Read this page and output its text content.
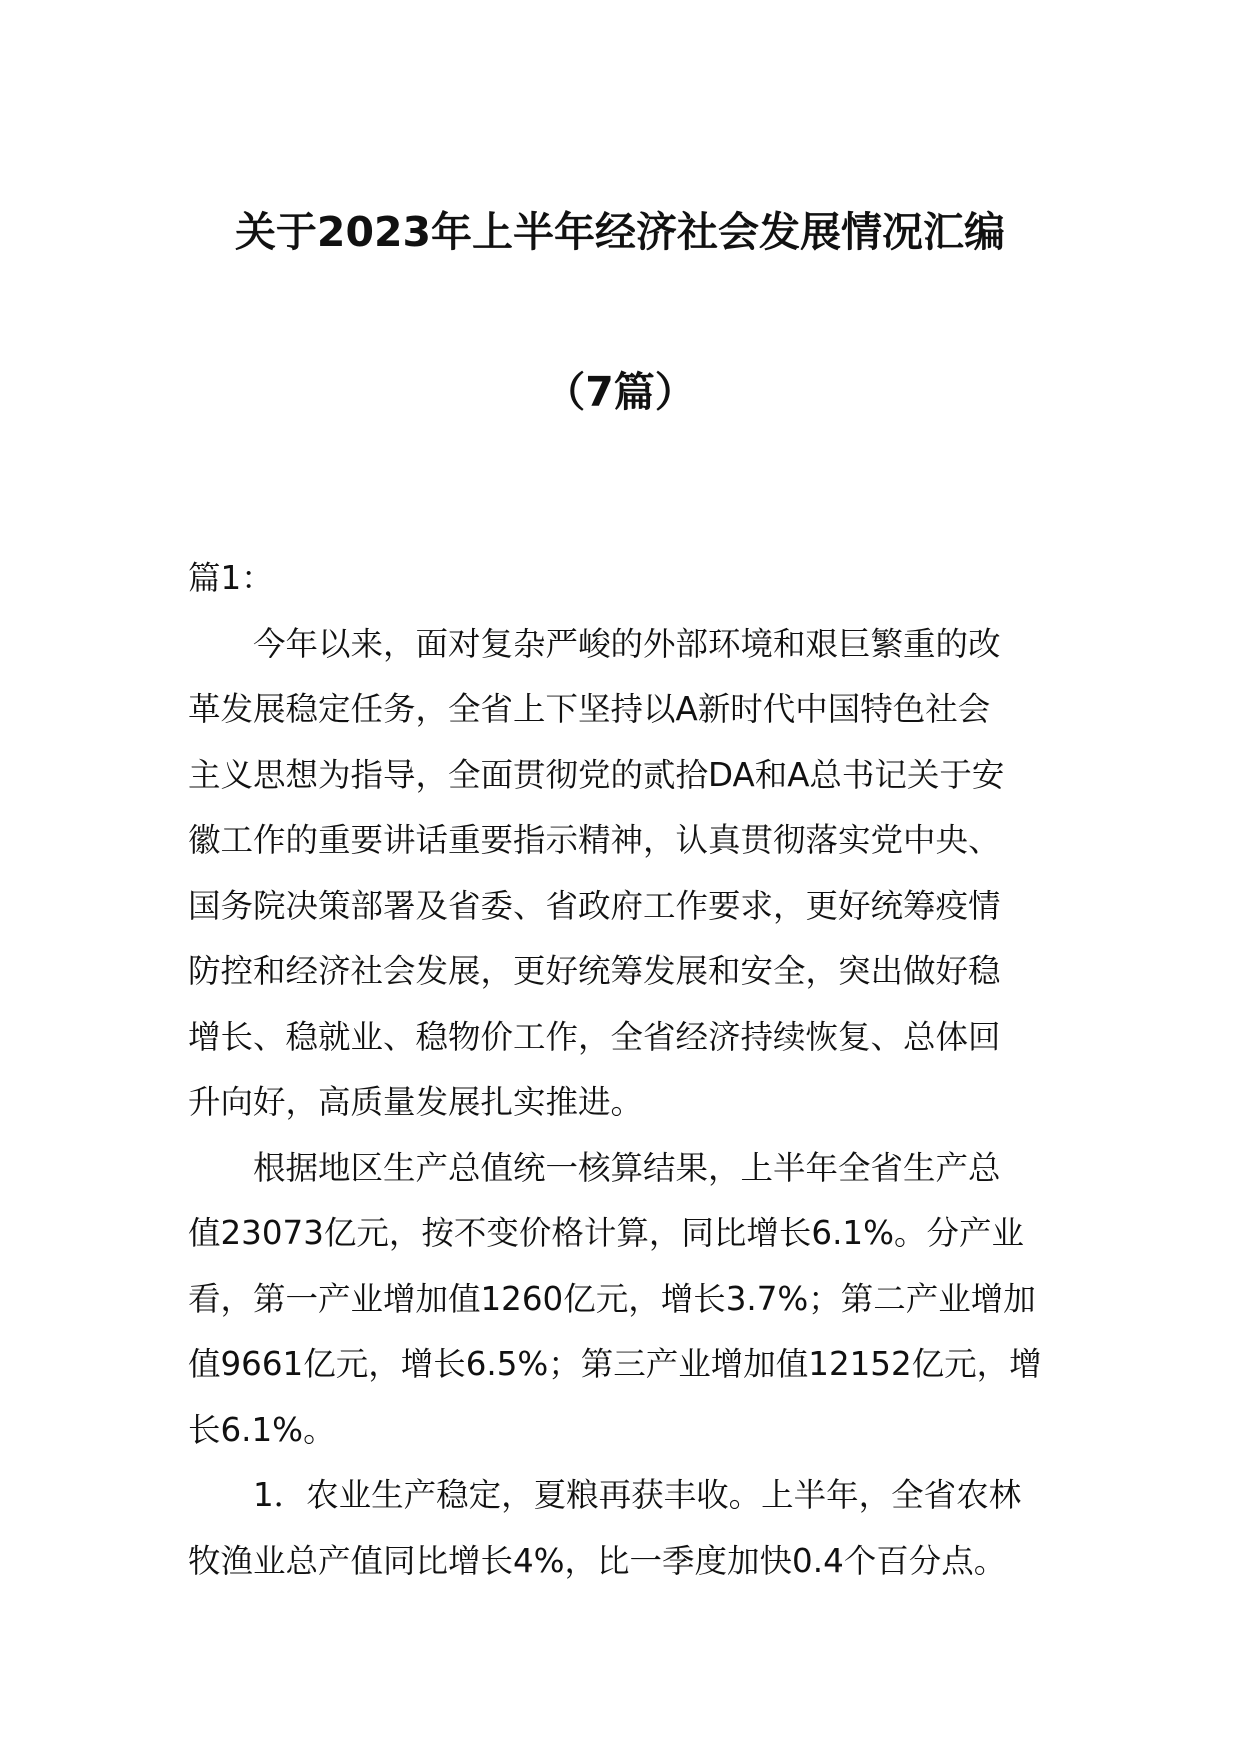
关于2023年上半年经济社会发展情况汇编
（7篇）

篇1：

今年以来，面对复杂严峻的外部环境和艰巨繁重的改
革发展稳定任务，全省上下坚持以A新时代中国特色社会
主义思想为指导，全面贯彻党的贰拾DA和A总书记关于安
徽工作的重要讲话重要指示精神，认真贯彻落实党中央、
国务院决策部署及省委、省政府工作要求，更好统筹疫情
防控和经济社会发展，更好统筹发展和安全，突出做好稳
增长、稳就业、稳物价工作，全省经济持续恢复、总体回
升向好，高质量发展扎实推进。

根据地区生产总值统一核算结果，上半年全省生产总
值23073亿元，按不变价格计算，同比增长6.1%。分产业
看，第一产业增加值1260亿元，增长3.7%；第二产业增加
值9661亿元，增长6.5%；第三产业增加值12152亿元，增
长6.1%。

1．农业生产稳定，夏粮再获丰收。上半年，全省农林
牧渔业总产值同比增长4%，比一季度加快0.4个百分点。
